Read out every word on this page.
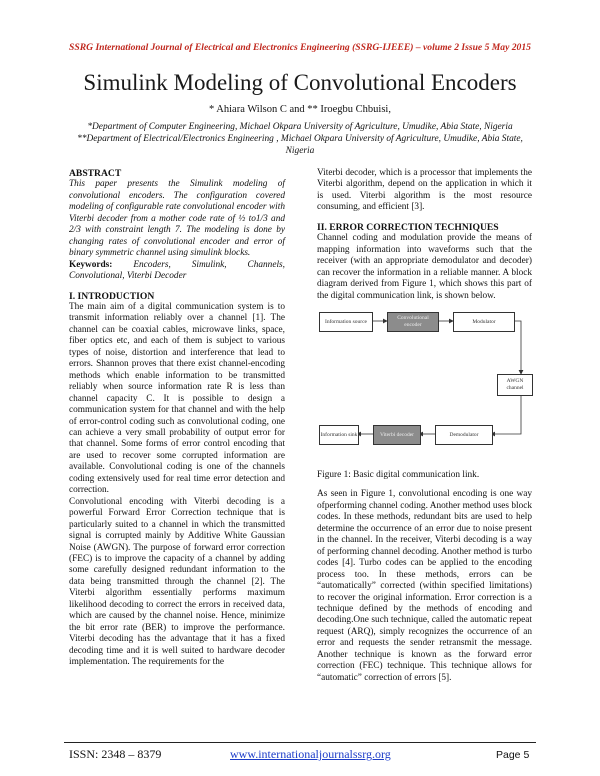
SSRG International Journal of Electrical and Electronics Engineering (SSRG-IJEEE) – volume 2 Issue 5 May 2015
Simulink Modeling of Convolutional Encoders
* Ahiara Wilson C and ** Iroegbu Chbuisi,
*Department of Computer Engineering, Michael Okpara University of Agriculture, Umudike, Abia State, Nigeria
**Department of Electrical/Electronics Engineering , Michael Okpara University of Agriculture, Umudike, Abia State, Nigeria

ABSTRACT

This paper presents the Simulink modeling of convolutional encoders. The configuration covered modeling of configurable rate convolutional encoder with Viterbi decoder from a mother code rate of ½ to1/3 and 2/3 with constraint length 7. The modeling is done by changing rates of convolutional encoder and error of binary symmetric channel using simulink blocks.

Keywords: Encoders, Simulink, Channels, Convolutional, Viterbi Decoder

I. INTRODUCTION

The main aim of a digital communication system is to transmit information reliably over a channel [1]. The channel can be coaxial cables, microwave links, space, fiber optics etc, and each of them is subject to various types of noise, distortion and interference that lead to errors. Shannon proves that there exist channel-encoding methods which enable information to be transmitted reliably when source information rate R is less than channel capacity C. It is possible to design a communication system for that channel and with the help of error-control coding such as convolutional coding, one can achieve a very small probability of output error for that channel. Some forms of error control encoding that are used to recover some corrupted information are available. Convolutional coding is one of the channels coding extensively used for real time error detection and correction.

Convolutional encoding with Viterbi decoding is a powerful Forward Error Correction technique that is particularly suited to a channel in which the transmitted signal is corrupted mainly by Additive White Gaussian Noise (AWGN). The purpose of forward error correction (FEC) is to improve the capacity of a channel by adding some carefully designed redundant information to the data being transmitted through the channel [2]. The Viterbi algorithm essentially performs maximum likelihood decoding to correct the errors in received data, which are caused by the channel noise. Hence, minimize the bit error rate (BER) to improve the performance. Viterbi decoding has the advantage that it has a fixed decoding time and it is well suited to hardware decoder implementation. The requirements for the

Viterbi decoder, which is a processor that implements the Viterbi algorithm, depend on the application in which it is used. Viterbi algorithm is the most resource consuming, and efficient [3].

II. ERROR CORRECTION TECHNIQUES

Channel coding and modulation provide the means of mapping information into waveforms such that the receiver (with an appropriate demodulator and decoder) can recover the information in a reliable manner. A block diagram derived from Figure 1, which shows this part of the digital communication link, is shown below.

Information source
Convolutional encoder
Modulator
AWGN channel
Demodulator
Viterbi decoder
Information sink

Figure 1: Basic digital communication link.

As seen in Figure 1, convolutional encoding is one way ofperforming channel coding. Another method uses block codes. In these methods, redundant bits are used to help determine the occurrence of an error due to noise present in the channel. In the receiver, Viterbi decoding is a way of performing channel decoding. Another method is turbo codes [4]. Turbo codes can be applied to the encoding process too. In these methods, errors can be “automatically” corrected (within specified limitations) to recover the original information. Error correction is a technique defined by the methods of encoding and decoding.One such technique, called the automatic repeat request (ARQ), simply recognizes the occurrence of an error and requests the sender retransmit the message. Another technique is known as the forward error correction (FEC) technique. This technique allows for “automatic” correction of errors [5].

ISSN: 2348 – 8379	www.internationaljournalssrg.org	Page 5
